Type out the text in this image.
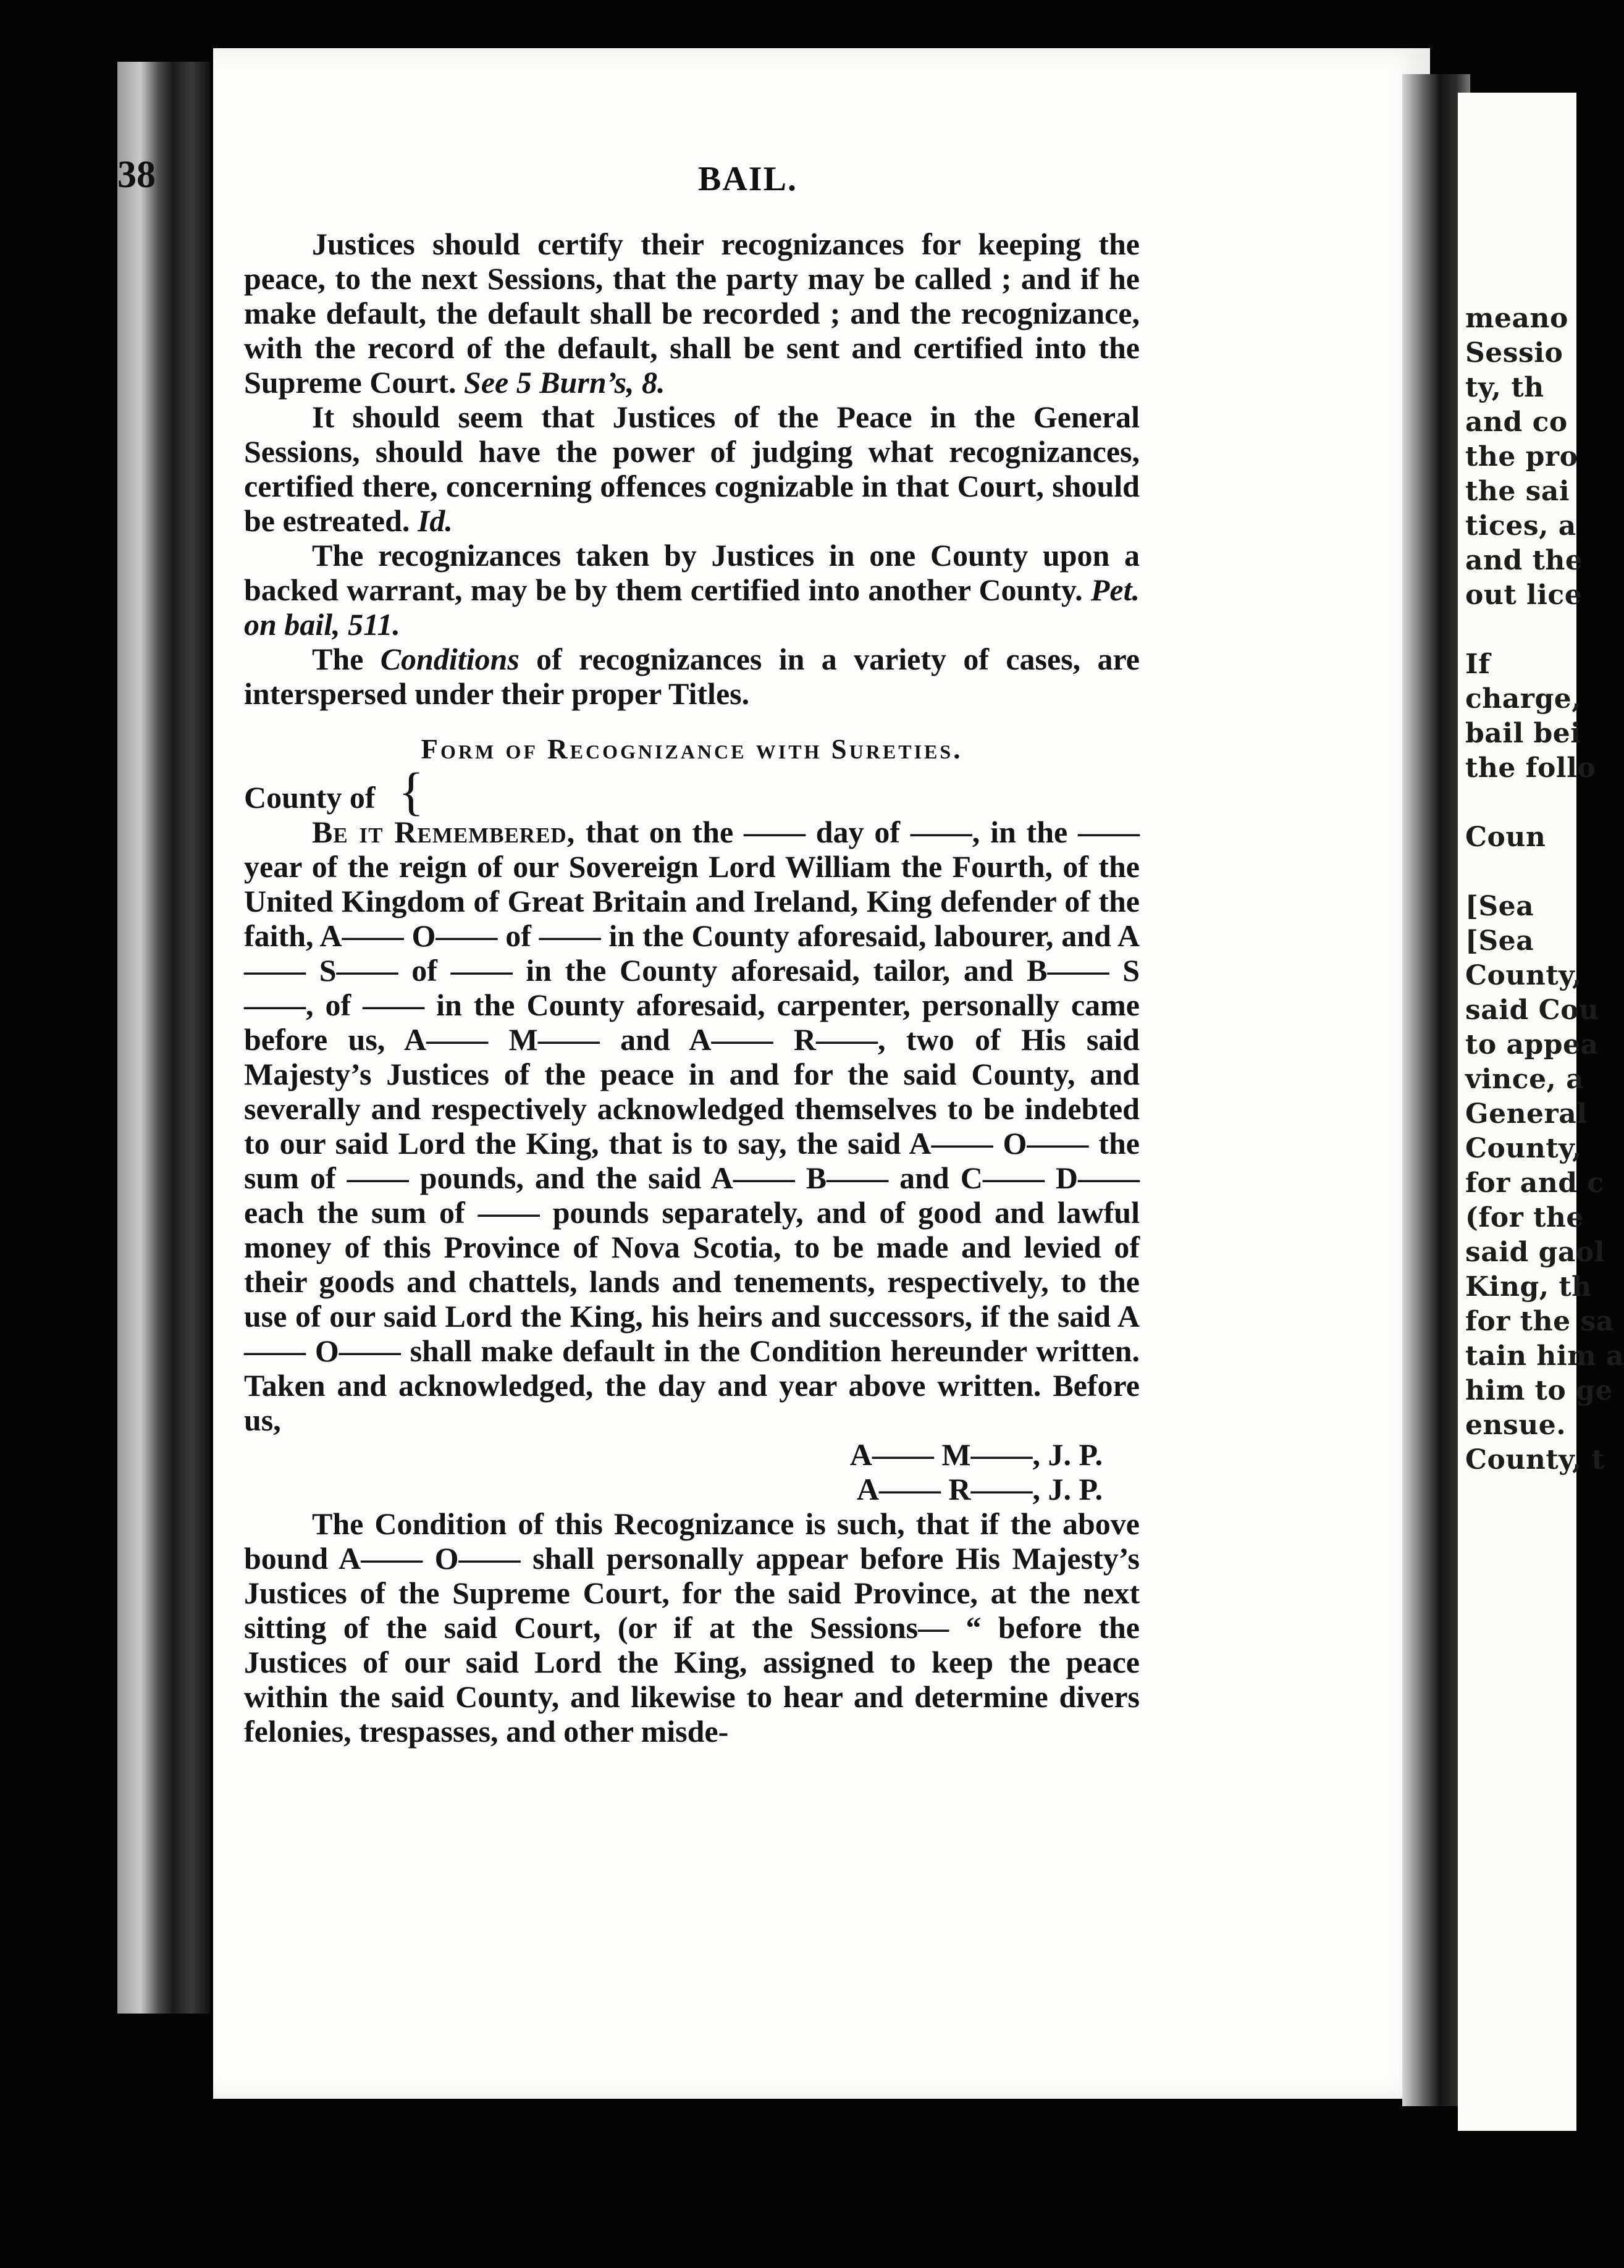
meano
Sessio
ty, th
and co
the pro
the sai
tices, a
and the
out lice
If
charge,
bail bei
the follo
Coun
[Sea
[Sea
County,
said Cou
to appea
vince, a
General
County,
for and c
(for the
said gaol
King, th
for the sa
tain him a
him to ge
ensue.
County, t
38	BAIL.

Justices should certify their recognizances for keeping the peace, to the next Sessions, that the party may be called ; and if he make default, the default shall be recorded ; and the recognizance, with the record of the default, shall be sent and certified into the Supreme Court. See 5 Burn’s, 8.

It should seem that Justices of the Peace in the General Sessions, should have the power of judging what recognizances, certified there, concerning offences cognizable in that Court, should be estreated. Id.

The recognizances taken by Justices in one County upon a backed warrant, may be by them certified into another County. Pet. on bail, 511.

The Conditions of recognizances in a variety of cases, are interspersed under their proper Titles.

Form of Recognizance with Sureties.

County of {

Be it Remembered, that on the —— day of ——, in the —— year of the reign of our Sovereign Lord William the Fourth, of the United Kingdom of Great Britain and Ireland, King defender of the faith, A—— O—— of —— in the County aforesaid, labourer, and A—— S—— of —— in the County aforesaid, tailor, and B—— S——, of —— in the County aforesaid, carpenter, personally came before us, A—— M—— and A—— R——, two of His said Majesty’s Justices of the peace in and for the said County, and severally and respectively acknowledged themselves to be indebted to our said Lord the King, that is to say, the said A—— O—— the sum of —— pounds, and the said A—— B—— and C—— D—— each the sum of —— pounds separately, and of good and lawful money of this Province of Nova Scotia, to be made and levied of their goods and chattels, lands and tenements, respectively, to the use of our said Lord the King, his heirs and successors, if the said A—— O—— shall make default in the Condition hereunder written. Taken and acknowledged, the day and year above written. Before us,

A—— M——, J. P.

A—— R——, J. P.

The Condition of this Recognizance is such, that if the above bound A—— O—— shall personally appear before His Majesty’s Justices of the Supreme Court, for the said Province, at the next sitting of the said Court, (or if at the Sessions— “ before the Justices of our said Lord the King, assigned to keep the peace within the said County, and likewise to hear and determine divers felonies, trespasses, and other misde-
